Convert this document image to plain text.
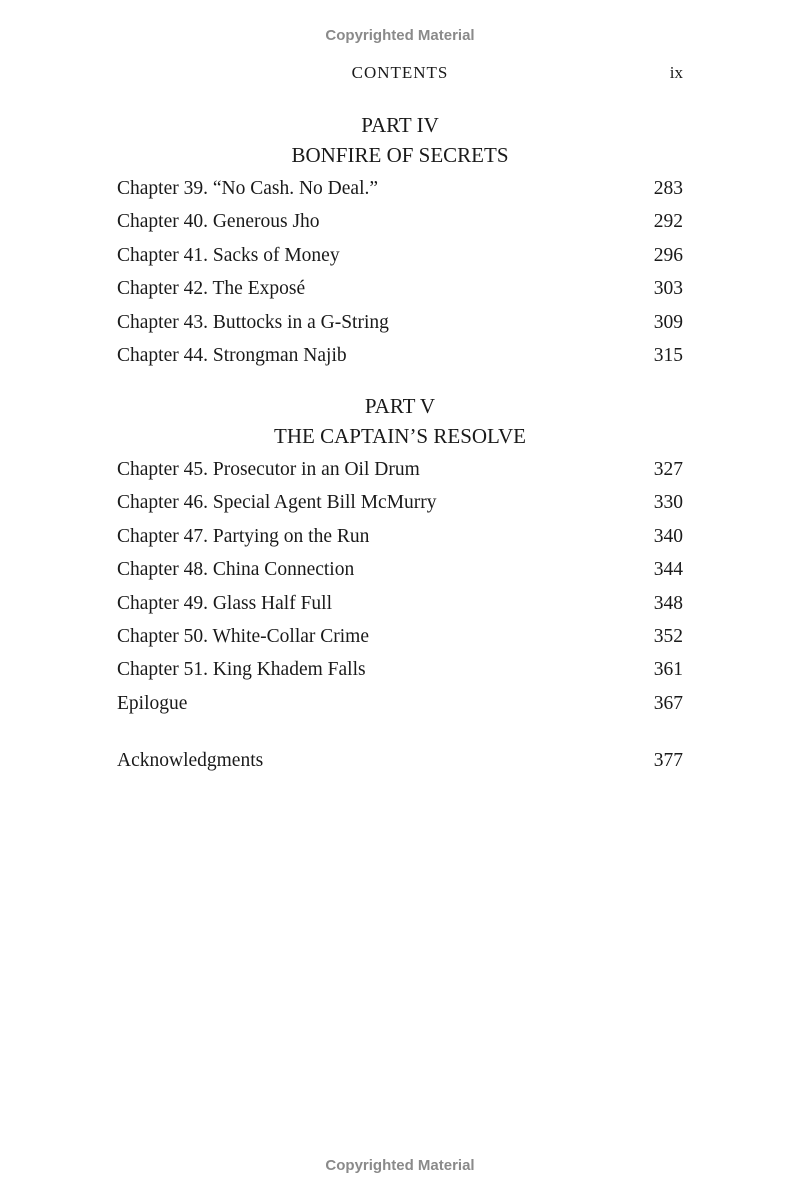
Copyrighted Material
CONTENTS	ix
PART IV
BONFIRE OF SECRETS
Chapter 39. “No Cash. No Deal.”	283
Chapter 40. Generous Jho	292
Chapter 41. Sacks of Money	296
Chapter 42. The Exposé	303
Chapter 43. Buttocks in a G-String	309
Chapter 44. Strongman Najib	315
PART V
THE CAPTAIN’S RESOLVE
Chapter 45. Prosecutor in an Oil Drum	327
Chapter 46. Special Agent Bill McMurry	330
Chapter 47. Partying on the Run	340
Chapter 48. China Connection	344
Chapter 49. Glass Half Full	348
Chapter 50. White-Collar Crime	352
Chapter 51. King Khadem Falls	361
Epilogue	367
Acknowledgments	377
Copyrighted Material
